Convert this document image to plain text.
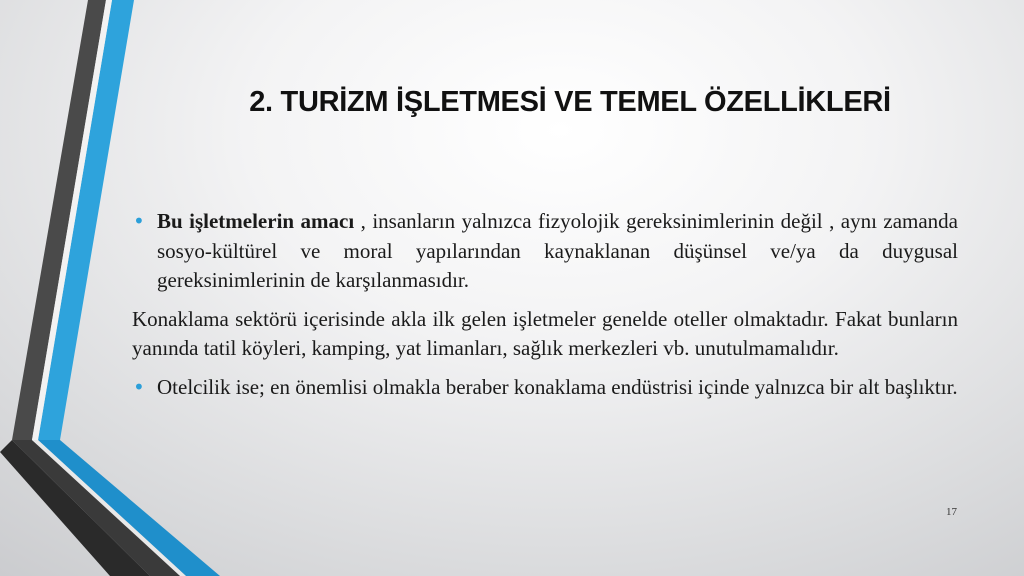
2. TURİZM İŞLETMESİ VE TEMEL ÖZELLİKLERİ
• Bu işletmelerin amacı , insanların yalnızca fizyolojik gereksinimlerinin değil , aynı zamanda sosyo-kültürel ve moral yapılarından kaynaklanan düşünsel ve/ya da duygusal gereksinimlerinin de karşılanmasıdır.

Konaklama sektörü içerisinde akla ilk gelen işletmeler genelde oteller olmaktadır. Fakat bunların yanında tatil köyleri, kamping, yat limanları, sağlık merkezleri vb. unutulmamalıdır.

• Otelcilik ise; en önemlisi olmakla beraber konaklama endüstrisi içinde yalnızca bir alt başlıktır.
17
